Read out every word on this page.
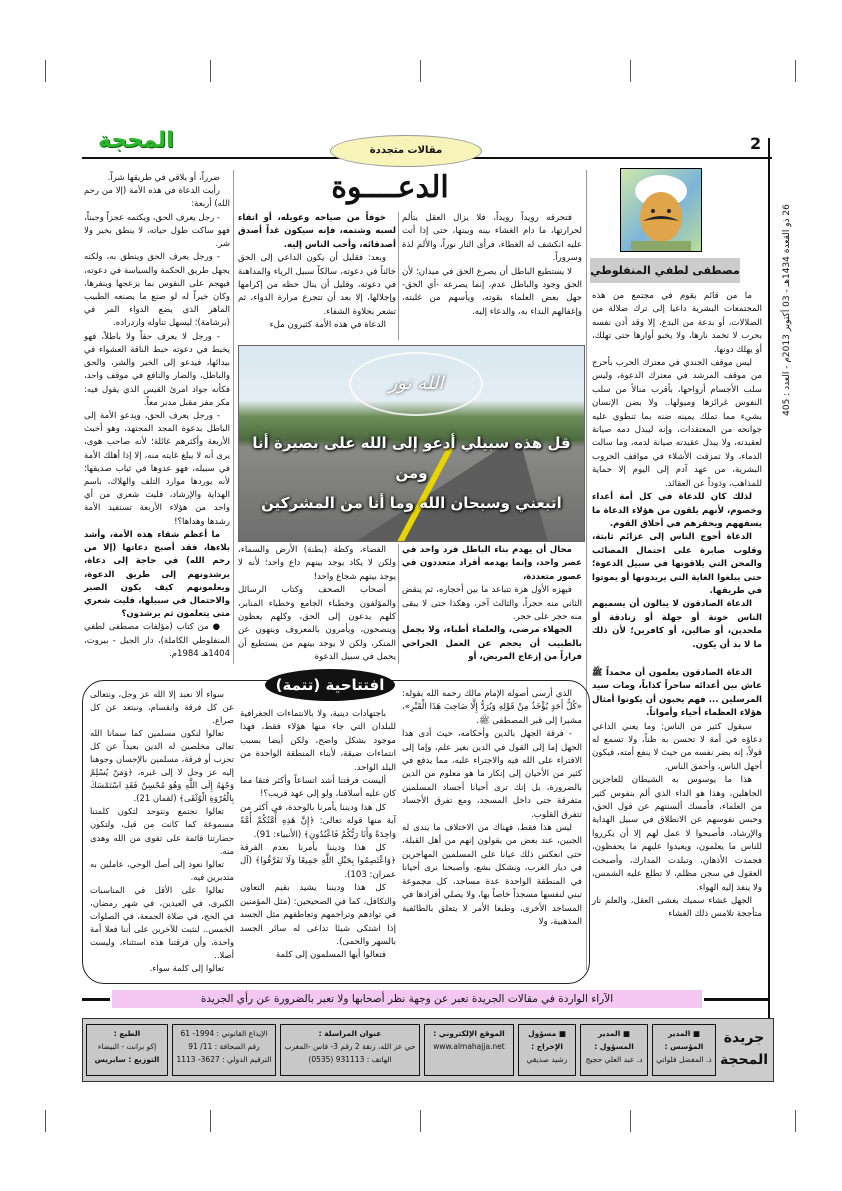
المحجة	مقالات متجددة	2
26 ذو القعدة 1434هـ - 03 أكتوبر 2013م - العدد : 405
الدعــــوة
مصطفى لطفي المنفلوطي

ما من قائم يقوم في مجتمع من هذه المجتمعات البشرية داعيا إلى ترك ضلالة من الضلالات، أو بدعة من البدع، إلا وقد أذن نفسه بحرب لا تخمد نارها، ولا يخبو أوارها حتى تهلك، أو يهلك دونها.

ليس موقف الجندي في معترك الحرب بأحرج من موقف المرشد في معترك الدعوة، وليس سلب الأجسام أرواحها، بأقرب منالاً من سلب النفوس غرائزها وميولها.. ولا يضن الإنسان بشيء مما تملك يمينه ضنه بما تنطوي عليه جوانحه من المعتقدات، وإنه ليبذل دمه صيانة لعقيدته، ولا يبذل عقيدته صيانة لدمه، وما سالت الدماء، ولا تمزقت الأشلاء في مواقف الحروب البشرية، من عهد آدم إلى اليوم إلا حماية للمذاهب، وذوداً عن العقائد.

لذلك كان للدعاة في كل أمة أعداء وخصوم، لأنهم يلقون من هؤلاء الدعاة ما يسفههم ويحقرهم في أخلاق القوم.

الدعاة أحوج الناس إلى عزائم ثابتة، وقلوب صابرة على احتمال المصائب والمحن التي يلاقونها في سبيل الدعوة؛ حتى يبلغوا الغاية التي يريدونها أو يموتوا في طريقها.

الدعاة الصادقون لا يبالون أن يسميهم الناس خونة أو جهلة أو زنادقة أو ملحدين، أو ضالين، أو كافرين؛ لأن ذلك ما لا بد أن يكون.

فتحرقه رويداً رويداً، فلا يزال العقل يتألم لحرارتها، ما دام الغشاء بينه وبينها، حتى إذا أتت عليه انكشف له الغطاء، فرأى النار نوراً، والألم لذة وسروراً.

لا يستطيع الباطل أن يصرع الحق في ميدان؛ لأن الحق وجود والباطل عدم، إنما يصرعه -أي الحق- جهل بعض العلماء بقوته، ويأسهم من غلبته، وإغفالهم النداء به، والدعاء إليه.

خوفاً من صياحه وعويله، أو اتقاء لسبه وشتمه، فإنه سيكون غداً أصدق أصدقائه، وأحب الناس إليه.

وبعد: فقليل أن يكون الداعي إلى الحق خائناً في دعوته، سالكاً سبيل الرياء والمداهنة في دعوته، وقليل أن ينال حظه من إكرامها وإجلالها، إلا بعد أن تتجرع مرارة الدواء، ثم تشعر بحلاوة الشفاء.

الدعاة في هذه الأمة كثيرون ملء

الله نور
قل هذه سبيلي أدعو إلى الله على بصيرة أنا ومن
اتبعني وسبحان الله وما أنا من المشركين

محال أن يهدم بناء الباطل فرد واحد في عصر واحد، وإنما يهدمه أفراد متعددون في عصور متعددة،

فيهزه الأول هزة تتباعد ما بين أحجاره، ثم ينقض الثاني منه حجراً، والثالث آخر، وهكذا حتى لا يبقى منه حجر على حجر.

الجهلاء مرضى، والعلماء أطباء، ولا يجمل بالطبيب أن يحجم عن العمل الجراحي فراراً من إزعاج المريض، أو

الفضاء، وكظة (بطنة) الأرض والسماء، ولكن لا يكاد يوجد بينهم داع واحد؛ لأنه لا يوجد بينهم شجاع واحد!

أصحاب الصحف وكتاب الرسائل والمؤلفون وخطباء الجامع وخطباء المنابر، كلهم يدعون إلى الحق، وكلهم يعظون وينصحون، ويأمرون بالمعروف وينهون عن المنكر، ولكن لا يوجد بينهم من يستطيع أن يحمل في سبيل الدعوة

ضرراً، أو يلاقي في طريقها شراً.

رأيت الدعاة في هذه الأمة (إلا من رحم الله) أربعة:

- رجل يعرف الحق، ويكتمه عجزاً وجبناً، فهو ساكت طول حياته، لا ينطق بخير ولا شر.

- ورجل يعرف الحق وينطق به، ولكنه يجهل طريق الحكمة والسياسة في دعوته، فيهجم على النفوس بما يزعجها وينفرها، وكان خيراً له لو صنع ما يصنعه الطبيب الماهر الذي يضع الدواء المر في (برشامة)؛ ليسهل تناوله وازدراده.

- ورجل لا يعرف حقاً ولا باطلاً، فهو يخبط في دعوته خبط الناقة العشواء في بيدائها، فيدعو إلى الخير والشر، والحق والباطل، والضار والنافع في موقف واحد، فكأنه جواد امرئ القيس الذي يقول فيه: مكر مفر مقبل مدبر معاً.

- ورجل يعرف الحق، ويدعو الأمة إلى الباطل بدعوة المجد المجتهد، وهو أخبث الأربعة وأكثرهم غائلة؛ لأنه صاحب هوى، يرى أنه لا يبلغ غايته منه، إلا إذا أهلك الأمة في سبيله، فهو عدوها في ثياب صديقها؛ لأنه يوردها موارد التلف والهلاك، باسم الهداية والإرشاد، فليت شعري من أي واحد من هؤلاء الأربعة تستفيد الأمة رشدها وهداها؟!

ما أعظم شقاء هذه الأمة، وأشد بلاءها، فقد أصبح دعاتها (إلا من رحم الله) في حاجة إلى دعاة، يرشدونهم إلى طريق الدعوة، ويعلمونهم كيف يكون الصبر والاحتمال في سبيلها، فليت شعري متى يتعلمون ثم يرشدون؟

● من كتاب (مؤلفات مصطفى لطفي المنفلوطي الكاملة)، دار الجيل - بيروت، 1404هـ 1984م.

الدعاة الصادقون يعلمون أن محمداً ﷺ عاش بين أعدائه ساحراً كذاباً، ومات سيد المرسلين ... فهم يحبون أن يكونوا أمثال هؤلاء العظماء أحياء وأمواتاً.

سيقول كثير من الناس: وما يعني الداعي دعاؤه في أمة لا تحسن به ظناً، ولا تسمع له قولاً، إنه يضر نفسه من حيث لا ينفع أمته، فيكون أجهل الناس، وأحمق الناس.

هذا ما يوسوس به الشيطان للعاجزين الجاهلين، وهذا هو الداء الذي ألم بنفوس كثير من العلماء، فأمسك ألسنتهم عن قول الحق، وحبس نفوسهم عن الانطلاق في سبيل الهداية والإرشاد، فأصبحوا لا عمل لهم إلا أن يكرروا للناس ما يعلمون، ويعيدوا عليهم ما يحفظون، فجمدت الأذهان، وتبلدت المدارك، وأصبحت العقول في سجن مظلم، لا تطلع عليه الشمس، ولا ينفذ إليه الهواء.

الجهل غشاء سميك يغشى العقل، والعلم نار متأججة تلامس ذلك الغشاء

افتتاحية (تتمة)	الذي أرسى أصوله الإمام مالك رحمه الله بقوله: «كُلُّ أَحَدٍ يُؤْخَذُ مِنْ قَوْلِهِ وَيُرَدُّ إِلَّا صَاحِبَ هَذَا الْقَبْرِ»، مشيرا إلى قبر المصطفى ﷺ.

- فرقة الجهل بالدين وأحكامه، حيث أدى هذا الجهل إما إلى القول في الدين بغير علم، وإما إلى الافتراء على الله فيه والاجتراء عليه، مما يدفع في كثير من الأحيان إلى إنكار ما هو معلوم من الدين بالضرورة، بل إنك ترى أحيانا أجساد المسلمين متفرقة حتى داخل المسجد، ومع تفرق الأجساد تتفرق القلوب.

ليس هذا فقط، فهناك من الاختلاف ما يندى له الجبين، عند بعض من يقولون إنهم من أهل القبلة، حتى انعكس ذلك عيانا على المسلمين المهاجرين في ديار الغرب، وبشكل بشع، وأصبحنا نرى أحيانا في المنطقة الواحدة عدة مساجد، كل مجموعة تبني لنفسها مسجداً خاصاً بها، ولا يصلي أفرادها في المساجد الأخرى، وطبعا الأمر لا يتعلق بالطائفية المذهبية، ولا

باجتهادات دينية، ولا بالانتماءات الجغرافية للبلدان التي جاء منها هؤلاء فقط، فهذا موجود بشكل واضح، ولكن أيضا بسبب انتماءات ضيقة، لأبناء المنطقة الواحدة من البلد الواحد.

أليست فرقتنا أشد اتساعاً وأكثر فتقا مما كان عليه أسلافنا، ولو إلى عهد قريب؟!

كل هذا وديننا يأمرنا بالوحدة، في أكثر من آية منها قوله تعالى: ﴿إِنَّ هَذِهِ أُمَّتُكُمْ أُمَّةً وَاحِدَةً وَأَنَا رَبُّكُمْ فَاعْبُدُونِ﴾ (الأنبياء: 91).

كل هذا وديننا يأمرنا بعدم الفرقة ﴿وَاعْتَصِمُوا بِحَبْلِ اللَّهِ جَمِيعًا وَلَا تَفَرَّقُوا﴾ (آل عمران: 103).

كل هذا وديننا يشيد بقيم التعاون والتكافل، كما في الصحيحين: (مثل المؤمنين في توادهم وتراحمهم وتعاطفهم مثل الجسد إذا اشتكى شيئا تداعى له سائر الجسد بالسهر والحمى).

فتعالوا أيها المسلمون إلى كلمة

سواء ألا نعبد إلا الله عز وجل، ونتعالى عن كل فرقة وانقسام، ونبتعد عن كل صراع.

تعالوا لنكون مسلمين كما سمانا الله تعالى مخلصين له الدين بعيداً عن كل تحزب أو فرقة، مسلمين بالإحسان وجوهنا إليه عز وجل لا إلى غيره، ﴿وَمَنْ يُسْلِمْ وَجْهَهُ إِلَى اللَّهِ وَهُوَ مُحْسِنٌ فَقَدِ اسْتَمْسَكَ بِالْعُرْوَةِ الْوُثْقَى﴾ (لقمان 21).

تعالوا نجتمع ونتوحد لتكون كلمتنا مسموعة كما كانت من قبل، ولتكون حضارتنا قائمة على تقوى من الله وهدى منه.

تعالوا نعود إلى أصل الوحي، عاملين به متدبرين فيه.

تعالوا على الأقل في المناسبات الكبرى، في العيدين، في شهر رمضان، في الحج، في صلاة الجمعة، في الصلوات الخمس.. لنثبت للآخرين على أننا فعلا أمة واحدة، وأن فرقتنا هذه استثناء، وليست أصلا..

تعالوا إلى كلمة سواء.

الآراء الواردة في مقالات الجريدة تعبر عن وجهة نظر أصحابها ولا تعبر بالضرورة عن رأي الجريدة
جريدة المحجة
■ المدير المؤسس :
ذ. المفضل فلواتي
■ المدير المسؤول :
د. عبد العلي حجيج
■ مسؤول الإخراج :
رشيد صديقي
الموقع الإلكتروني :
www.almahajja.net
عنوان المراسلة :
حي عز الله، زنقة 2 رقم 3- فاس -المغرب
الهاتف : 931113 (0535)
الإيداع القانوني : 1994- 61
رقم الصحافة : 11/ 91
الترقيم الدولي : 3627- 1113
الطبع :
إكو برانت - البيضاء
التوزيع : سابريس
